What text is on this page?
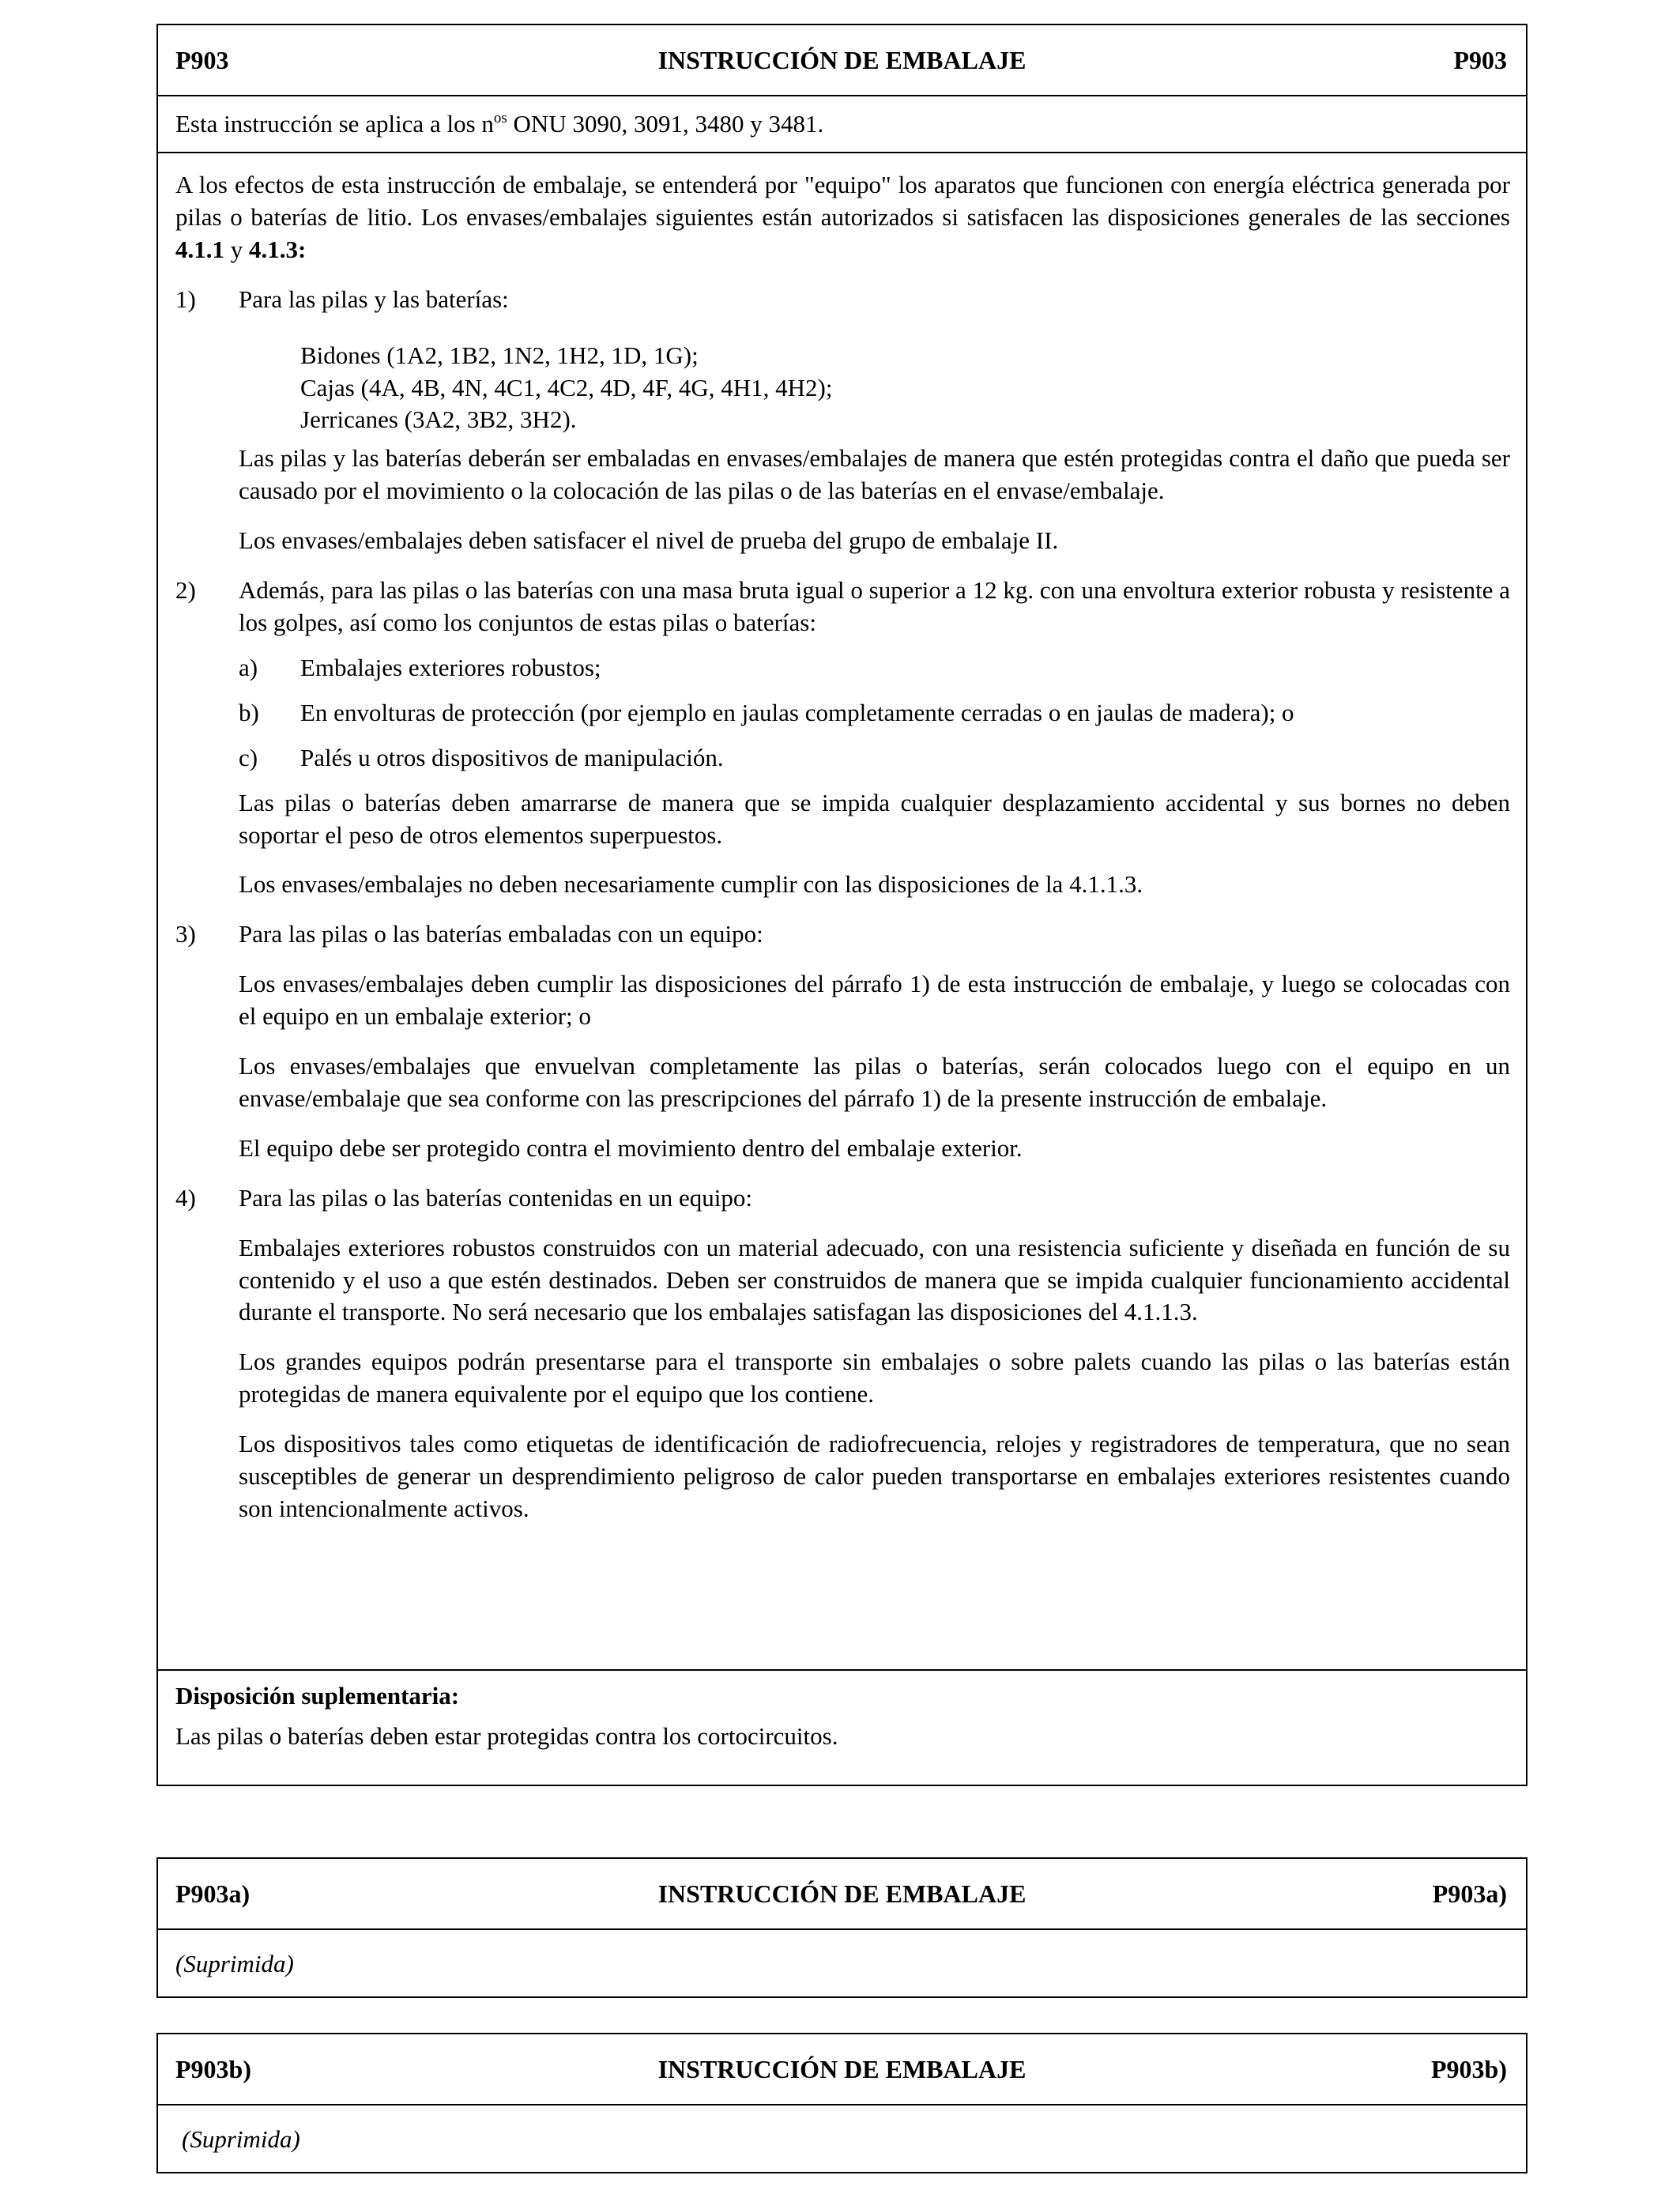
P903	INSTRUCCIÓN DE EMBALAJE	P903

Esta instrucción se aplica a los $n^{os}$ ONU 3090, 3091, 3480 y 3481.

A los efectos de esta instrucción de embalaje, se entenderá por "equipo" los aparatos que funcionen con energía eléctrica generada por pilas o baterías de litio. Los envases/embalajes siguientes están autorizados si satisfacen las disposiciones generales de las secciones 4.1.1 y 4.1.3:

1)	Para las pilas y las baterías:

Bidones (1A2, 1B2, 1N2, 1H2, 1D, 1G);
Cajas (4A, 4B, 4N, 4C1, 4C2, 4D, 4F, 4G, 4H1, 4H2);
Jerricanes (3A2, 3B2, 3H2).

Las pilas y las baterías deberán ser embaladas en envases/embalajes de manera que estén protegidas contra el daño que pueda ser causado por el movimiento o la colocación de las pilas o de las baterías en el envase/embalaje.

Los envases/embalajes deben satisfacer el nivel de prueba del grupo de embalaje II.

2)	Además, para las pilas o las baterías con una masa bruta igual o superior a 12 kg. con una envoltura exterior robusta y resistente a los golpes, así como los conjuntos de estas pilas o baterías:

a)	Embalajes exteriores robustos;
b)	En envolturas de protección (por ejemplo en jaulas completamente cerradas o en jaulas de madera); o
c)	Palés u otros dispositivos de manipulación.

Las pilas o baterías deben amarrarse de manera que se impida cualquier desplazamiento accidental y sus bornes no deben soportar el peso de otros elementos superpuestos.

Los envases/embalajes no deben necesariamente cumplir con las disposiciones de la 4.1.1.3.

3)	Para las pilas o las baterías embaladas con un equipo:

Los envases/embalajes deben cumplir las disposiciones del párrafo 1) de esta instrucción de embalaje, y luego se colocadas con el equipo en un embalaje exterior; o

Los envases/embalajes que envuelvan completamente las pilas o baterías, serán colocados luego con el equipo en un envase/embalaje que sea conforme con las prescripciones del párrafo 1) de la presente instrucción de embalaje.

El equipo debe ser protegido contra el movimiento dentro del embalaje exterior.

4)	Para las pilas o las baterías contenidas en un equipo:

Embalajes exteriores robustos construidos con un material adecuado, con una resistencia suficiente y diseñada en función de su contenido y el uso a que estén destinados. Deben ser construidos de manera que se impida cualquier funcionamiento accidental durante el transporte. No será necesario que los embalajes satisfagan las disposiciones del 4.1.1.3.

Los grandes equipos podrán presentarse para el transporte sin embalajes o sobre palets cuando las pilas o las baterías están protegidas de manera equivalente por el equipo que los contiene.

Los dispositivos tales como etiquetas de identificación de radiofrecuencia, relojes y registradores de temperatura, que no sean susceptibles de generar un desprendimiento peligroso de calor pueden transportarse en embalajes exteriores resistentes cuando son intencionalmente activos.

Disposición suplementaria:

Las pilas o baterías deben estar protegidas contra los cortocircuitos.

P903a)	INSTRUCCIÓN DE EMBALAJE	P903a)
(Suprimida)
P903b)	INSTRUCCIÓN DE EMBALAJE	P903b)
(Suprimida)
